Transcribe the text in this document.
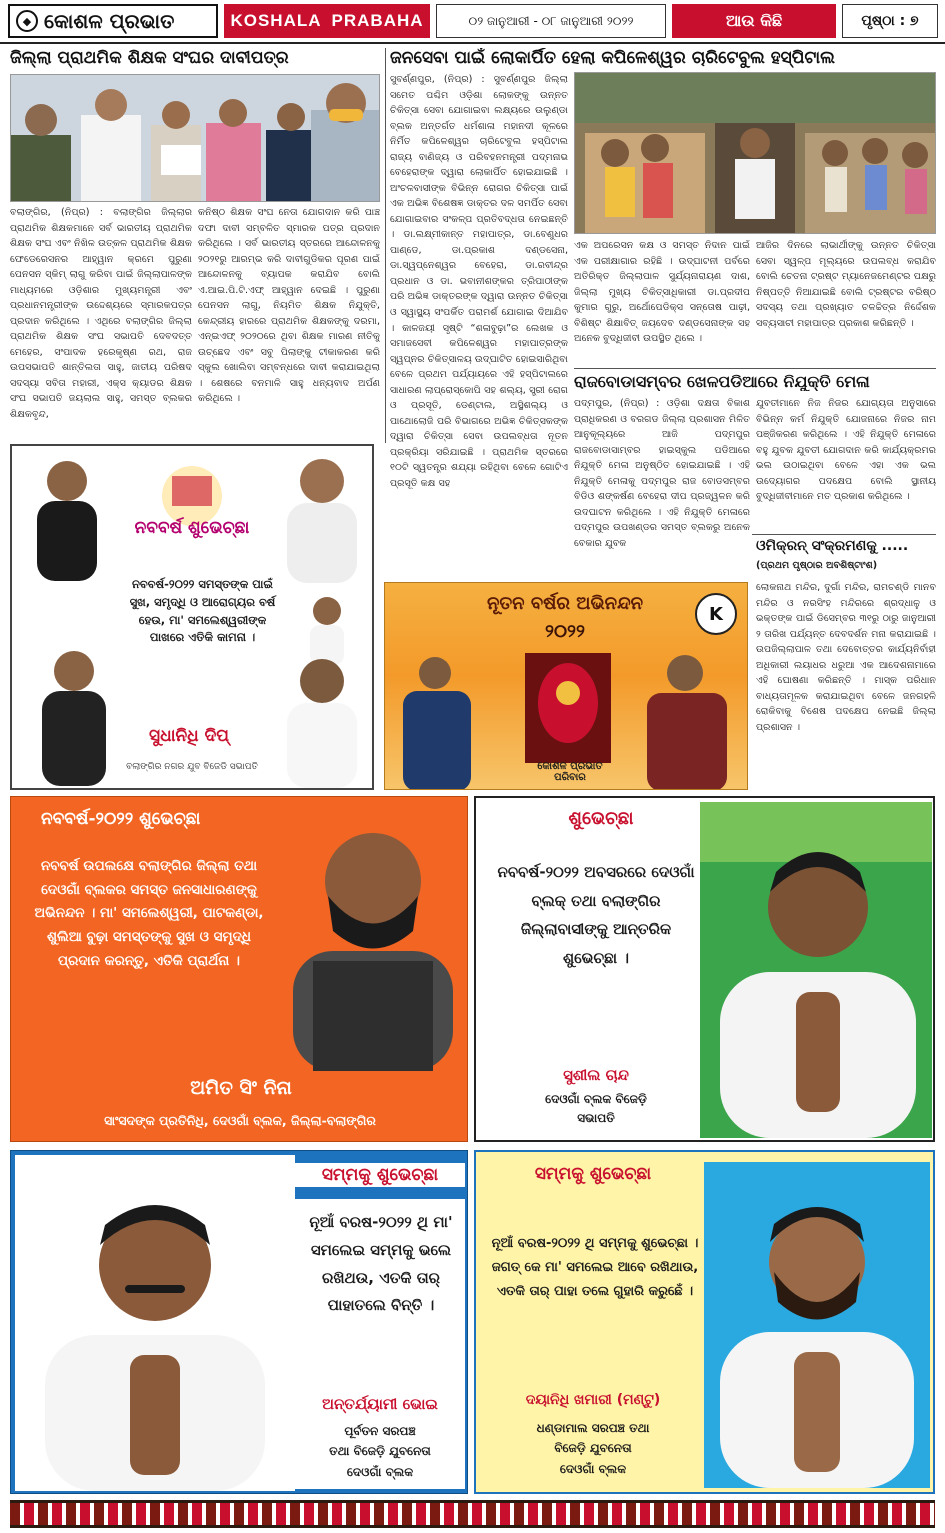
◆ କୋଶଳ ପ୍ରଭାତ	KOSHALA PRABAHA	୦୨ ଜାନୁଆରୀ - ୦୮ ଜାନୁଆରୀ ୨୦୨୨	ଆଉ କିଛି	ପୃଷ୍ଠା : ୭
ଜିଲ୍ଲା ପ୍ରାଥମିକ ଶିକ୍ଷକ ସଂଘର ଦାବୀପତ୍ର
ବଲାଙ୍ଗିର, (ନିପ୍ର) : ବଲାଙ୍ଗିର ଜିଲ୍ଲାର ପ୍ରାଥମିକ ଶିକ୍ଷକମାନେ ସର୍ବ ଭାରତୀୟ ପ୍ରାଥମିକ ଶିକ୍ଷକ ସଂଘ ଏବଂ ନିଖିଳ ଉତ୍କଳ ପ୍ରାଥମିକ ଶିକ୍ଷକ ଫେଡେରେସନର ଆହ୍ୱାନ କ୍ରମେ ପୁରୁଣା ପେନସନ ସ୍କିମ୍ ଲାଗୁ କରିବା ପାଇଁ ଜିଲ୍ଲାପାଳଙ୍କ ମାଧ୍ୟମରେ ଓଡ଼ିଶାର ମୁଖ୍ୟମନ୍ତ୍ରୀ ଏବଂ ପ୍ରଧାନମନ୍ତ୍ରୀଙ୍କ ଉଦ୍ଦେଶ୍ୟରେ ସ୍ମାରକପତ୍ର ପ୍ରଦାନ କରିଥିଲେ । ଏଥିରେ ବଲାଙ୍ଗିର ଜିଲ୍ଲା ପ୍ରାଥମିକ ଶିକ୍ଷକ ସଂଘ ସଭାପତି ଦେବଦତ୍ତ ମେହେର, ସଂପାଦକ ହରେକୃଷ୍ଣ ରଥ, ରାଜ ଉପସଭାପତି ଶାନ୍ତିଲତା ସାହୁ, ଜାତୀୟ ପରିଷଦ ସଦସ୍ୟା ସବିତା ମହାରୀ, ଏକ୍ସ କ୍ୟାଡର ଶିକ୍ଷକ ସଂଘ ସଭାପତି ଜୟଲାଲ ସାହୁ, ସମସ୍ତ ବ୍ଲକର ଶିକ୍ଷକବୃନ୍ଦ,
କନିଷ୍ଠ ଶିକ୍ଷକ ସଂଘ ନେତା ଯୋଗଦାନ କରି ପାଞ୍ଚ ଦଫା ଦାବୀ ସମ୍ବଳିତ ସ୍ମାରକ ପତ୍ର ପ୍ରଦାନ କରିଥିଲେ । ସର୍ବ ଭାରତୀୟ ସ୍ତରରେ ଆନ୍ଦୋଳନକୁ ୨୦୨୧ରୁ ଆରମ୍ଭ କରି ଦାବୀଗୁଡିକର ପୂରଣ ପାଇଁ ଆନ୍ଦୋଳନକୁ ବ୍ୟାପକ କରାଯିବ ବୋଲି ଏ.ଆଇ.ପି.ଟି.ଏଫ୍ ଆହ୍ୱାନ ଦେଇଛି । ପୁରୁଣା ପେନସନ ଲାଗୁ, ନିୟମିତ ଶିକ୍ଷକ ନିଯୁକ୍ତି, କେନ୍ଦ୍ରୀୟ ହାରରେ ପ୍ରାଥମିକ ଶିକ୍ଷକଙ୍କୁ ଦରମା, ଏନ୍ଇଏଫ୍ ୨୦୨୦ରେ ଥିବା ଶିକ୍ଷକ ମାରଣ ନୀତିକୁ ଉଚ୍ଛେଦ ଏବଂ ସବୁ ପିଲାଙ୍କୁ ଟୀକାକରଣ କରି ସ୍କୁଲ ଖୋଲିବା ସମ୍ବନ୍ଧରେ ଦାବୀ କରାଯାଇଥିଲା । ଶେଷରେ ବନମାଳି ସାହୁ ଧନ୍ୟବାଦ ଅର୍ପଣ କରିଥିଲେ ।
ଜନସେବା ପାଇଁ ଲୋକାର୍ପିତ ହେଲା କପିଳେଶ୍ୱର ଚାରିଟେବୁଲ ହସ୍ପିଟାଲ
ସୁବର୍ଣ୍ଣପୁର, (ନିପ୍ର) : ସୁବର୍ଣ୍ଣପୁର ଜିଲ୍ଲା ସମେତ ପଶ୍ଚିମ ଓଡ଼ିଶା ଲୋକଙ୍କୁ ଉନ୍ନତ ଚିକିତ୍ସା ସେବା ଯୋଗାଇବା ଲକ୍ଷ୍ୟରେ ଉଲୁଣ୍ଡା ବ୍ଲକ ଅନ୍ତର୍ଗତ ଧର୍ମଶାଳା ମହାନଦୀ କୂଳରେ ନିର୍ମିତ କପିଳେଶ୍ୱର ଚାରିଟେବୁଲ ହସ୍ପିଟାଲ ରାଜ୍ୟ ବାଣିଜ୍ୟ ଓ ପରିବହନମନ୍ତ୍ରୀ ପଦ୍ମନାଭ ବେହେରାଙ୍କ ଦ୍ୱାରା ଲୋକାର୍ପିତ ହୋଇଯାଇଛି । ଅଂଚଳବାସୀଙ୍କ ବିଭିନ୍ନ ରୋଗର ଚିକିତ୍ସା ପାଇଁ ଏକ ଅଭିଜ୍ଞ ବିଶେଷଜ୍ଞ ଡାକ୍ତର ଦଳ ସମର୍ପିତ ସେବା ଯୋଗାଇବାର ସଂକଳ୍ପ ପ୍ରତିବଦ୍ଧତା ନେଇଛନ୍ତି । ଡା.ଲକ୍ଷ୍ମୀକାନ୍ତ ମହାପାତ୍ର, ଡା.ବେଣୁଧର ପାଣ୍ଡେ, ଡା.ପ୍ରକାଶ ଦଣ୍ଡସେନା, ଡା.ସ୍ୱପ୍ନେଶ୍ୱର ବେହେରା, ଡା.ରବୀନ୍ଦ୍ର ପ୍ରଧାନ ଓ ଡା. ଭବାନୀଶଙ୍କର ତ୍ରିପାଠୀଙ୍କ ପରି ଅଭିଜ୍ଞ ଡାକ୍ତରଙ୍କ ଦ୍ୱାରା ଉନ୍ନତ ଚିକିତ୍ସା ଓ ସ୍ୱାସ୍ଥ୍ୟ ସଂପର୍କିତ ପରାମର୍ଶ ଯୋଗାଇ ଦିଆଯିବ । କାଳଜୟୀ ସୃଷ୍ଟି “ଶଳାବୁଢ଼ା”ର ଲେଖକ ଓ ସମାଜସେବୀ କପିଳେଶ୍ୱର ମହାପାତ୍ରଙ୍କ ସ୍ୱପ୍ନର ଚିକିତ୍ସାଳୟ ଉଦ୍‌ଘାଟିତ ହୋଇସାରିଥିବା ବେଳେ ପ୍ରଥମ ପର୍ଯ୍ୟାୟରେ ଏହି ହସ୍ପିଟାଲରେ ସାଧାରଣ ଲାପ୍ରୋସ୍କୋପି ସହ ଶଲ୍ୟ, ସ୍ତ୍ରୀ ରୋଗ ଓ ପ୍ରସୂତି, ଡେଣ୍ଟାଲ, ଅସ୍ଥିଶଲ୍ୟ ଓ ପାଥୋଲୋଜି ପରି ବିଭାଗରେ ଅଭିଜ୍ଞ ଚିକିତ୍ସକଙ୍କ ଦ୍ୱାରା ଚିକିତ୍ସା ସେବା ଉପଲବ୍ଧତା ନୂତନ ପ୍ରକ୍ରିୟା ସରିଯାଇଛି । ପ୍ରାଥମିକ ସ୍ତରରେ ୧୦ଟି ସ୍ୱତନ୍ତ୍ର ଶଯ୍ୟା ରହିଥିବା ବେଳେ ଗୋଟିଏ ପ୍ରସୂତି କକ୍ଷ ସହ
ଏକ ଅପରେସନ କକ୍ଷ ଓ ସମସ୍ତ ନିଦାନ ପାଇଁ ଏକ ପରୀକ୍ଷାଗାର ରହିଛି । ଉଦ୍‌ଘାଟନୀ ପର୍ବରେ ଅତିରିକ୍ତ ଜିଲ୍ଲାପାଳ ସୁର୍ଯ୍ୟନାରାୟଣ ଦାଶ, ଜିଲ୍ଲା ମୁଖ୍ୟ ଚିକିତ୍ସାଧିକାରୀ ଡା.ପ୍ରଦୀପ କୁମାର ଗୁରୁ, ଅର୍ଥୋପେଡିକ୍ସ ସନ୍ତୋଷ ପାଢ଼ୀ, ବିଶିଷ୍ଟ ଶିକ୍ଷାବିତ୍ ଜୟଦେବ ଦଣ୍ଡସେନାଙ୍କ ସହ ଅନେକ ବୁଦ୍ଧିଜୀବୀ ଉପସ୍ଥିତ ଥିଲେ ।
ଆଜିର ଦିନରେ ଲାଭାର୍ଥୀଙ୍କୁ ଉନ୍ନତ ଚିକିତ୍ସା ସେବା ସ୍ୱଳ୍ପ ମୂଲ୍ୟରେ ଉପଲବ୍ଧ କରାଯିବ ବୋଲି ଚେତନା ଟ୍ରଷ୍ଟ ମ୍ୟାନେଜମେଣ୍ଟର ପକ୍ଷରୁ ନିଷ୍ପତ୍ତି ନିଆଯାଇଛି ବୋଲି ଟ୍ରଷ୍ଟର ବରିଷ୍ଠ ସଦସ୍ୟ ତଥା ପ୍ରଖ୍ୟାତ ଚଳଚ୍ଚିତ୍ର ନିର୍ଦ୍ଦେଶକ ସବ୍ୟସାଚୀ ମହାପାତ୍ର ପ୍ରକାଶ କରିଛନ୍ତି ।
ରାଜବୋଡାସମ୍ବର ଖେଳପଡିଆରେ ନିଯୁକ୍ତି ମେଳା
ପଦ୍ମପୁର, (ନିପ୍ର) : ଓଡ଼ିଶା ଦକ୍ଷତା ବିକାଶ ପ୍ରାଧିକରଣ ଓ ବରଗଡ ଜିଲ୍ଲା ପ୍ରଶାସନ ମିଳିତ ଆନୁକୂଲ୍ୟରେ ଆଜି ପଦ୍ମପୁର ରାଜବୋଡାସାମ୍ବର ହାଇସ୍କୁଲ ପଡିଆରେ ନିଯୁକ୍ତି ମେଳା ଅନୁଷ୍ଠିତ ହୋଇଯାଇଛି । ଏହି ନିଯୁକ୍ତି ମେଳାକୁ ପଦ୍ମପୁର ରାଜ ବୋଡସମ୍ବର ବିଡିଓ ଶଙ୍କର୍ଷଣ ବେହେରା ଦୀପ ପ୍ରଜ୍ୱଳନ କରି ଉଦଘାଟନ କରିଥିଲେ । ଏହି ନିଯୁକ୍ତି ମେଳାରେ ପଦ୍ମପୁର ଉପଖଣ୍ଡର ସମସ୍ତ ବ୍ଲକରୁ ଅନେକ ବେକାର ଯୁବକ
ଯୁବତୀମାନେ ନିଜ ନିଜର ଯୋଗ୍ୟତା ଅନୁସାରେ ବିଭିନ୍ନ କର୍ମ ନିଯୁକ୍ତି ଯୋଜନାରେ ନିଜର ନାମ ପଞ୍ଜିକରଣ କରିଥିଲେ । ଏହି ନିଯୁକ୍ତି ମେଳାରେ ବହୁ ଯୁବକ ଯୁବତୀ ଯୋଗଦାନ କରି କାର୍ଯ୍ୟକ୍ରମର ଭଲ ଉଠାଇଥିବା ବେଳେ ଏହା ଏକ ଭଲ ଉଦ୍ୟୋଗର ପଦକ୍ଷେପ ବୋଲି ସ୍ଥାନୀୟ ବୁଦ୍ଧିଜୀବୀମାନେ ମତ ପ୍ରକାଶ କରିଥିଲେ ।
ଓମିକ୍ରନ୍ ସଂକ୍ରମଣକୁ .....
(ପ୍ରଥମ ପୃଷ୍ଠାର ଅବଶିଷ୍ଟାଂଶ)
ଲୋକନାଥ ମନ୍ଦିର, ଦୁର୍ଗା ମନ୍ଦିର, ରାମଚଣ୍ଡି ମାନବ ମନ୍ଦିର ଓ ନରସିଂହ ମନ୍ଦିରରେ ଶ୍ରଦ୍ଧାଳୁ ଓ ଭକ୍ତଙ୍କ ପାଇଁ ଡିସେମ୍ବର ୩୧ରୁ ଠାରୁ ଜାନୁଆରୀ ୨ ତାରିଖ ପର୍ଯ୍ୟନ୍ତ ଦେବଦର୍ଶନ ମନା କରାଯାଇଛି । ଉପଜିଲ୍ଲାପାଳ ତଥା ଦେବୋତ୍ତର କାର୍ଯ୍ୟନିର୍ବାହୀ ଅଧିକାରୀ ଲୟାଧର ଧରୁଆ ଏକ ଆଦେଶନାମାରେ ଏହି ଘୋଷଣା କରିଛନ୍ତି । ମାସ୍କ ପରିଧାନ ବାଧ୍ୟତାମୂଳକ କରାଯାଇଥିବା ବେଳେ ଜନଗହଳି ରୋକିବାକୁ ବିଶେଷ ପଦକ୍ଷେପ ନେଇଛି ଜିଲ୍ଲା ପ୍ରଶାସନ ।
ନବବର୍ଷ ଶୁଭେଚ୍ଛା
ନବବର୍ଷ-୨୦୨୨ ସମସ୍ତଙ୍କ ପାଇଁ ସୁଖ, ସମୃଦ୍ଧି ଓ ଆରୋଗ୍ୟର ବର୍ଷ ହେଉ, ମା' ସମଲେଶ୍ୱରୀଙ୍କ ପାଖରେ ଏତିକି କାମନା ।
ସୁଧାନିଧି ଦିପ୍
ବଲାଙ୍ଗିର ନଗର ଯୁବ ବିଜେଡି ସଭାପତି
ନୂତନ ବର୍ଷର ଅଭିନନ୍ଦନ
୨୦୨୨
K
କୋଶଳ ପ୍ରଭାତ
ପରିବାର
ନବବର୍ଷ-୨୦୨୨ ଶୁଭେଚ୍ଛା
ନବବର୍ଷ ଉପଲକ୍ଷେ ବଲାଙ୍ଗିର ଜିଲ୍ଲା ତଥା ଦେଓଗାଁ ବ୍ଲକର ସମସ୍ତ ଜନସାଧାରଣଙ୍କୁ ଅଭିନନ୍ଦନ । ମା' ସମଲେଶ୍ୱରୀ, ପାଟକଣ୍ଡା, ଶୁଲିଆ ବୁଢ଼ା ସମସ୍ତଙ୍କୁ ସୁଖ ଓ ସମୃଦ୍ଧି ପ୍ରଦାନ କରନ୍ତୁ, ଏତିକି ପ୍ରାର୍ଥନା ।
ଅମିତ ସିଂ ନିନା
ସାଂସଦଙ୍କ ପ୍ରତିନିଧି, ଦେଓଗାଁ ବ୍ଲକ, ଜିଲ୍ଲା-ବଲାଙ୍ଗିର
ଶୁଭେଚ୍ଛା
ନବବର୍ଷ-୨୦୨୨ ଅବସରରେ ଦେଓଗାଁ ବ୍ଲକ୍ ତଥା ବଲାଙ୍ଗିର ଜିଲ୍ଲାବାସୀଙ୍କୁ ଆନ୍ତରିକ ଶୁଭେଚ୍ଛା ।
ସୁଶୀଲ ଚାନ୍ଦ
ଦେଓଗାଁ ବ୍ଲକ ବିଜେଡ଼ି
ସଭାପତି
ସମ୍ମକୁ ଶୁଭେଚ୍ଛା
ନୂଆଁ ବରଷ-୨୦୨୨ ଥି ମା' ସମଲେଇ ସମ୍ମକୁ ଭଲେ ରଖିଥଉ, ଏତକି ତାର୍ ପାହାତଲେ ବିନ୍ତି ।
ଅନ୍ତର୍ଯ୍ୟାମୀ ଭୋଇ
ପୂର୍ବତନ ସରପଞ୍ଚ
ତଥା ବିଜେଡ଼ି ଯୁବନେତା
ଦେଓଗାଁ ବ୍ଲକ
ସମ୍ମକୁ ଶୁଭେଚ୍ଛା
ନୂଆଁ ବରଷ-୨୦୨୨ ଥି ସମ୍ମକୁ ଶୁଭେଚ୍ଛା । ଜଗତ୍ କେ ମା' ସମଲେଇ ଆବେ ରଖିଥାଉ, ଏତକି ତାର୍ ପାହା ତଲେ ଗୁହାରି କରୁଛେଁ ।
ଦୟାନିଧି ଖମାରୀ (ମଣ୍ଟୁ)
ଧଣ୍ଡାମାଲ ସରପଞ୍ଚ ତଥା
ବିଜେଡ଼ି ଯୁବନେତା
ଦେଓଗାଁ ବ୍ଲକ
